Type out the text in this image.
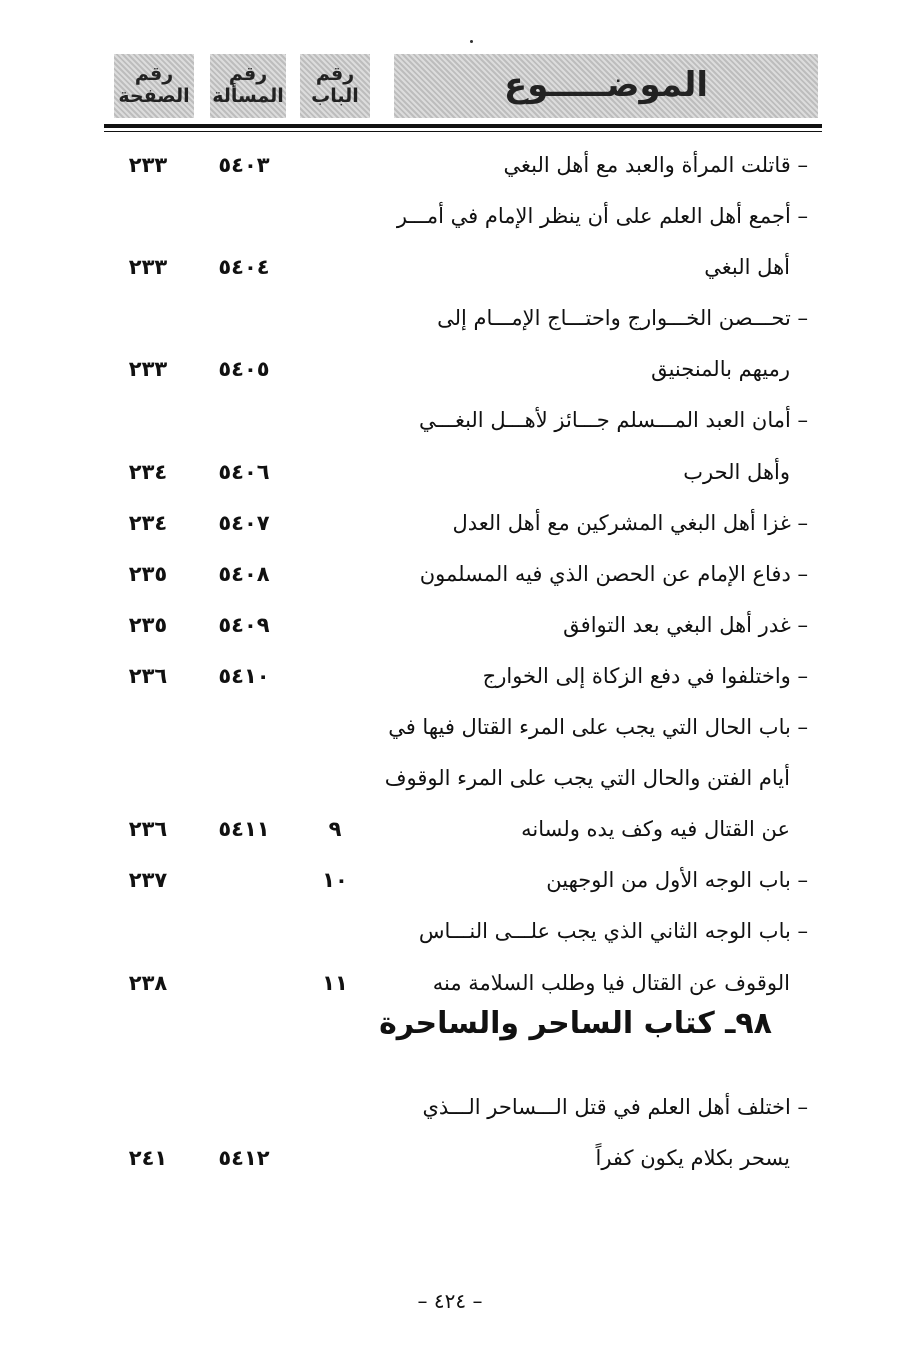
رقم
الصفحة
رقم
المسألة
رقم
الباب	الموضـــــوع
– قاتلت المرأة والعبد مع أهل البغي
٥٤٠٣
٢٣٣
– أجمع أهل العلم على أن ينظر الإمام في أمـــر
أهل البغي
٥٤٠٤
٢٣٣
– تحـــصن الخـــوارج واحتـــاج الإمـــام إلى
رميهم بالمنجنيق
٥٤٠٥
٢٣٣
– أمان العبد المـــسلم جـــائز لأهـــل البغـــي
وأهل الحرب
٥٤٠٦
٢٣٤
– غزا أهل البغي المشركين مع أهل العدل
٥٤٠٧
٢٣٤
– دفاع الإمام عن الحصن الذي فيه المسلمون
٥٤٠٨
٢٣٥
– غدر أهل البغي بعد التوافق
٥٤٠٩
٢٣٥
– واختلفوا في دفع الزكاة إلى الخوارج
٥٤١٠
٢٣٦
– باب الحال التي يجب على المرء القتال فيها في
أيام الفتن والحال التي يجب على المرء الوقوف
عن القتال فيه وكف يده ولسانه
٩
٥٤١١
٢٣٦
– باب الوجه الأول من الوجهين
١٠
٢٣٧
– باب الوجه الثاني الذي يجب علـــى النـــاس
الوقوف عن القتال فيا وطلب السلامة منه
١١
٢٣٨
٩٨ـ كتاب الساحر والساحرة
– اختلف أهل العلم في قتل الـــساحر الـــذي
يسحر بكلام يكون كفراً
٥٤١٢
٢٤١
– ٤٢٤ –
